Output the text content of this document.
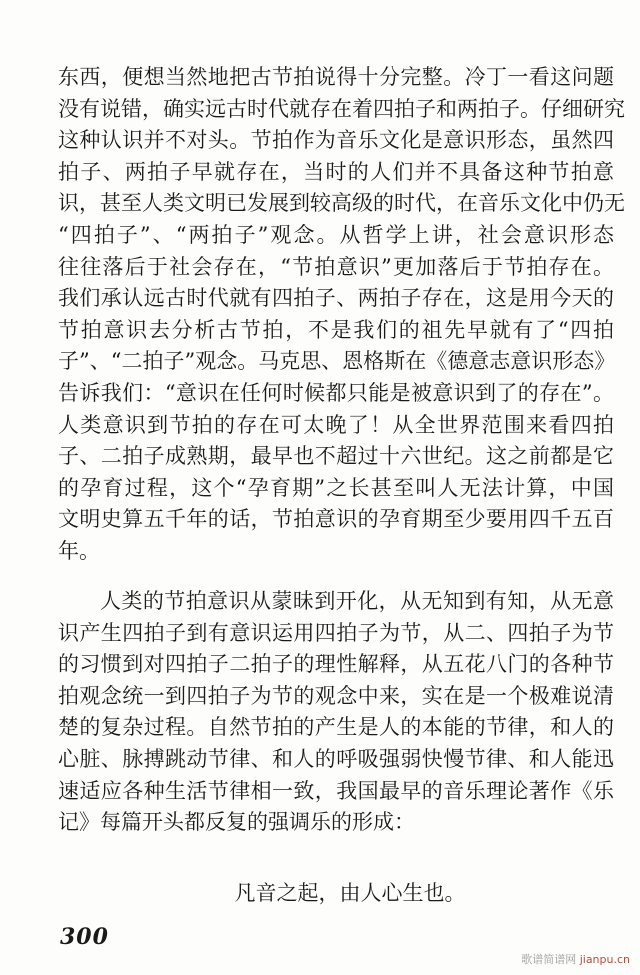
东西，便想当然地把古节拍说得十分完整。冷丁一看这问题
没有说错，确实远古时代就存在着四拍子和两拍子。仔细研究
这种认识并不对头。节拍作为音乐文化是意识形态，虽然四
拍子、两拍子早就存在，当时的人们并不具备这种节拍意
识，甚至人类文明已发展到较高级的时代，在音乐文化中仍无
“四拍子”、“两拍子”观念。从哲学上讲，社会意识形态
往往落后于社会存在，“节拍意识”更加落后于节拍存在。
我们承认远古时代就有四拍子、两拍子存在，这是用今天的
节拍意识去分析古节拍，不是我们的祖先早就有了“四拍
子”、“二拍子”观念。马克思、恩格斯在《德意志意识形态》
告诉我们：“意识在任何时候都只能是被意识到了的存在”。
人类意识到节拍的存在可太晚了！从全世界范围来看四拍
子、二拍子成熟期，最早也不超过十六世纪。这之前都是它
的孕育过程，这个“孕育期”之长甚至叫人无法计算，中国
文明史算五千年的话，节拍意识的孕育期至少要用四千五百
年。
人类的节拍意识从蒙昧到开化，从无知到有知，从无意
识产生四拍子到有意识运用四拍子为节，从二、四拍子为节
的习惯到对四拍子二拍子的理性解释，从五花八门的各种节
拍观念统一到四拍子为节的观念中来，实在是一个极难说清
楚的复杂过程。自然节拍的产生是人的本能的节律，和人的
心脏、脉搏跳动节律、和人的呼吸强弱快慢节律、和人能迅
速适应各种生活节律相一致，我国最早的音乐理论著作《乐
记》每篇开头都反复的强调乐的形成：
凡音之起，由人心生也。
300
歌谱简谱网 jianpu.cn
